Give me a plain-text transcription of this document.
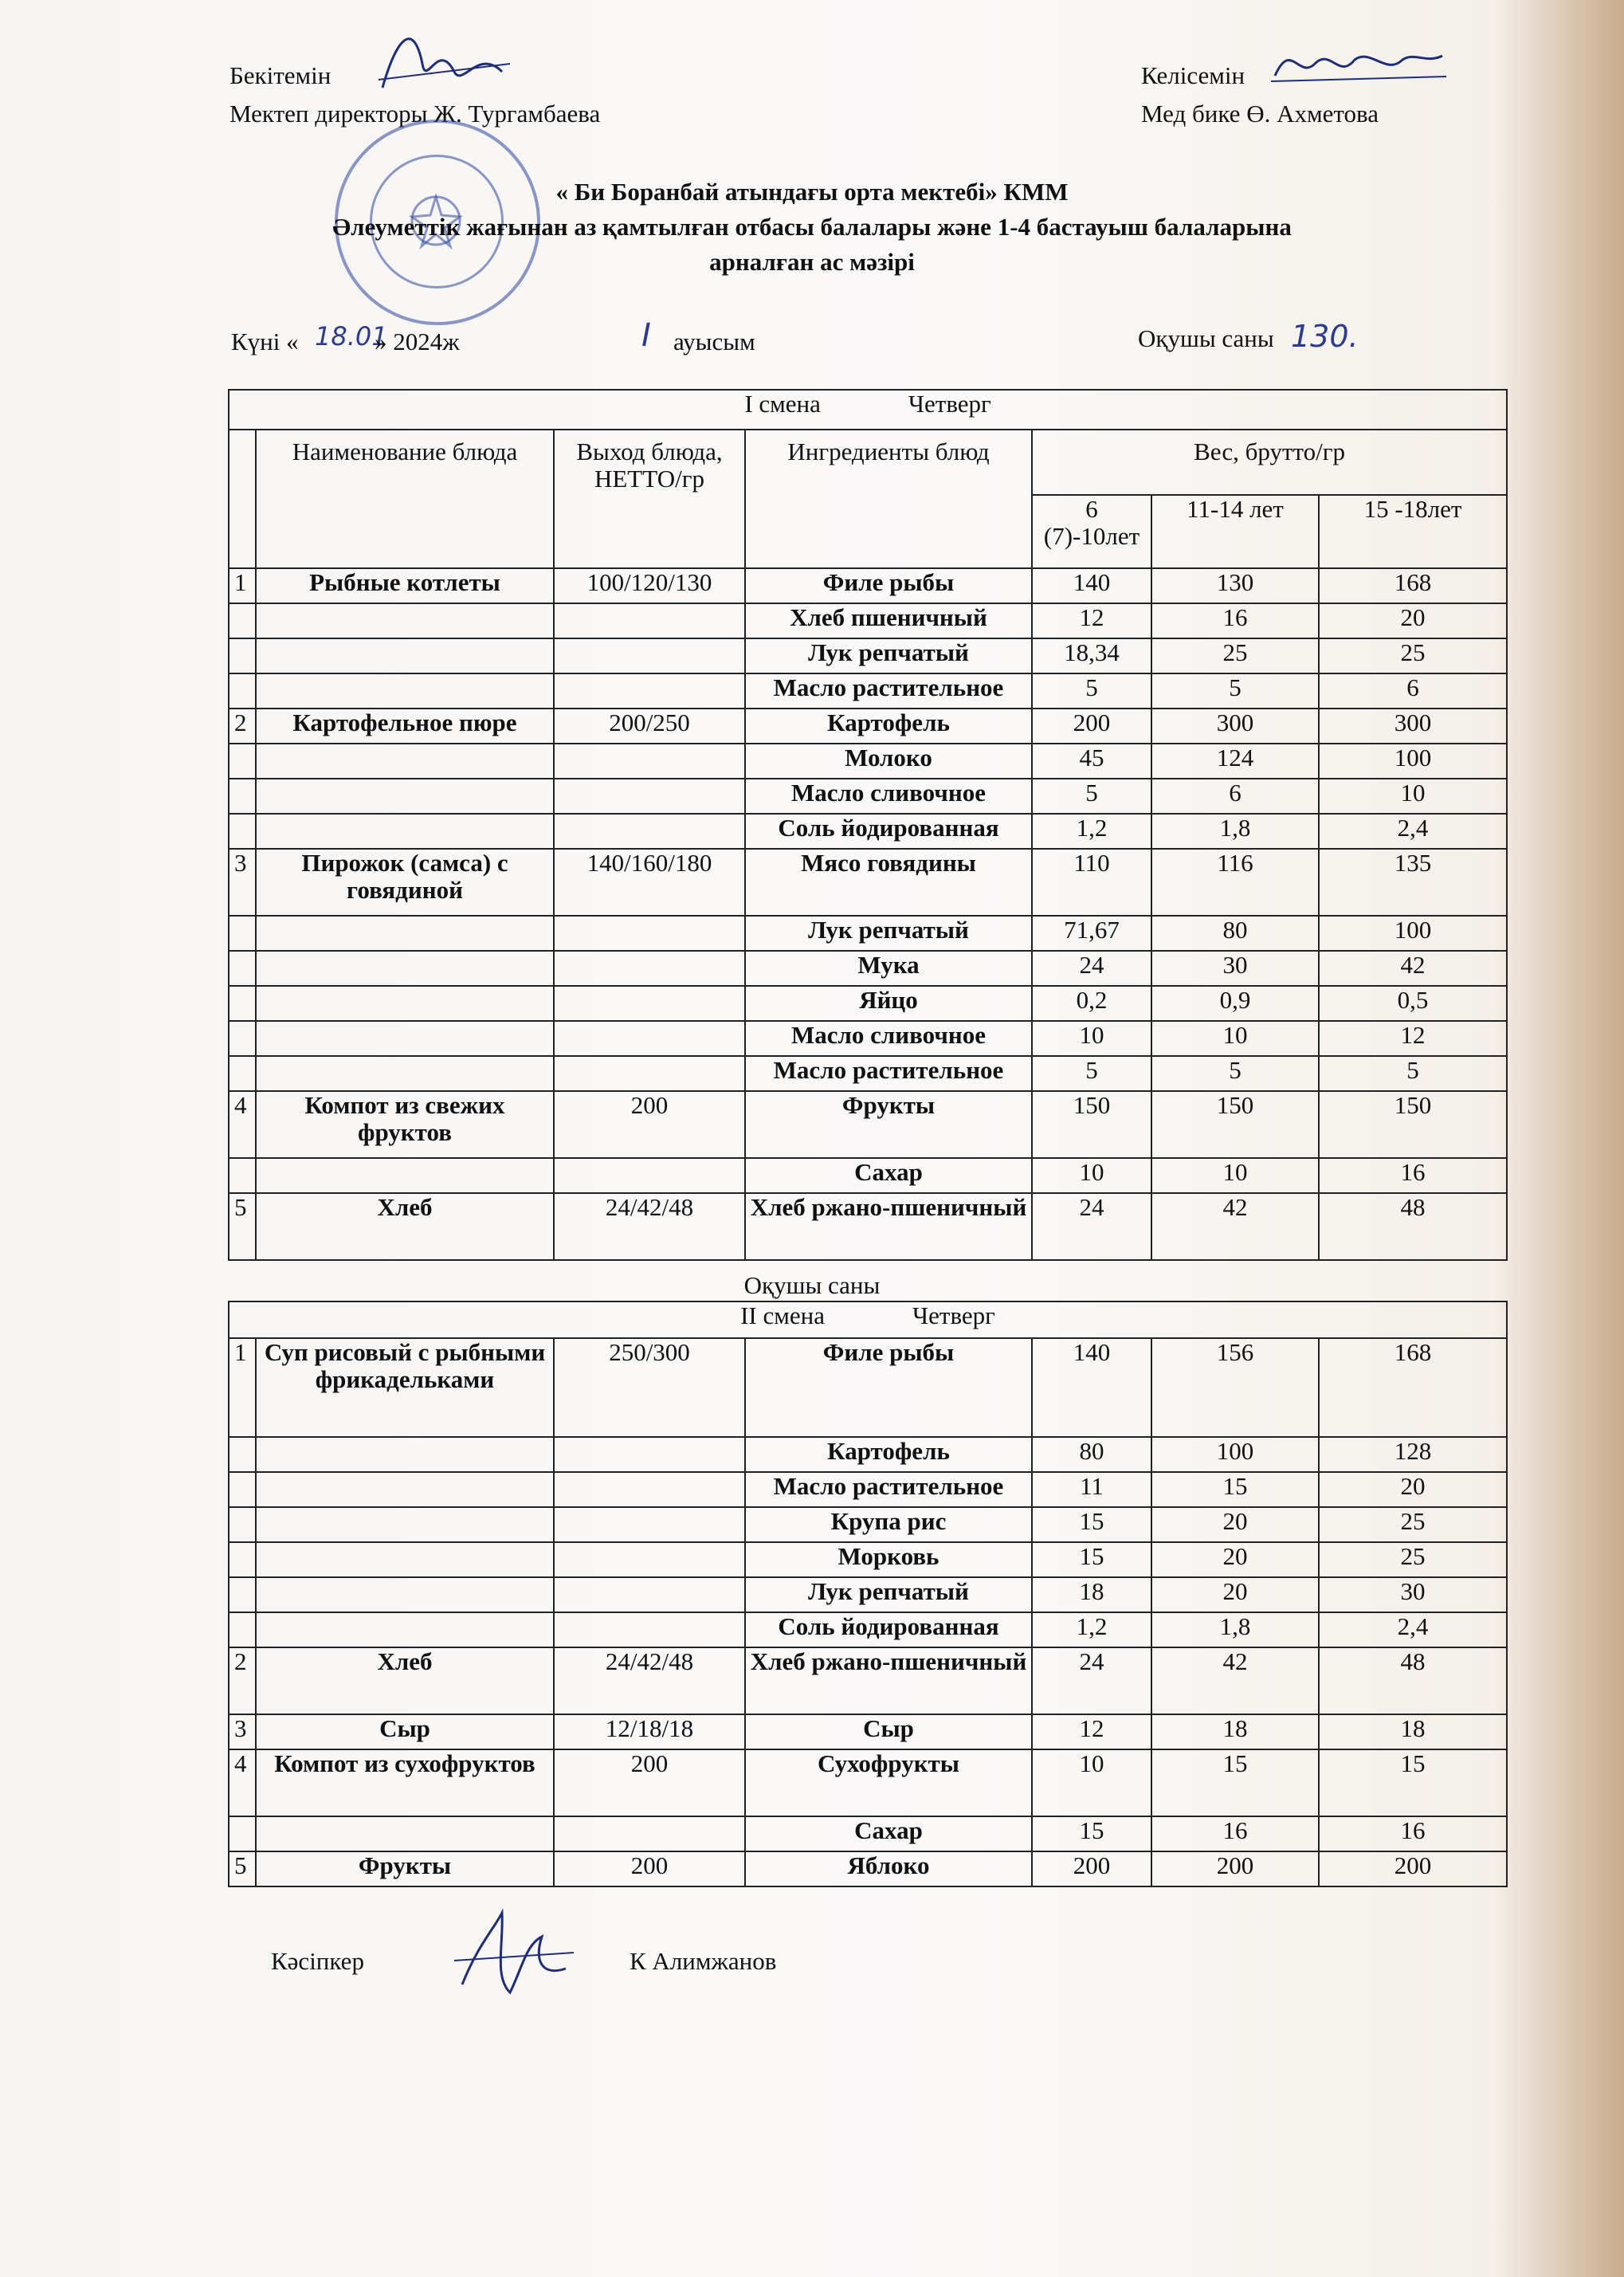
Бекітемін
Мектеп директоры Ж. Тургамбаева
Келісемін
Мед бике Ө. Ахметова
« Би Боранбай атындағы орта мектебі» КММ
Әлеуметтік жағынан аз қамтылған отбасы балалары және 1-4 бастауыш балаларына
арналған ас мәзірі
Күні « 18.01
» 2024ж	I ауысым	Оқушы саны 130.
I смена Четверг						
	Наименование блюда	Выход блюда, НЕТТО/гр	Ингредиенты блюд	Вес, брутто/гр		
				6 (7)-10лет	11-14 лет	15 -18лет
1	Рыбные котлеты	100/120/130	Филе рыбы	140	130	168
			Хлеб пшеничный	12	16	20
			Лук репчатый	18,34	25	25
			Масло растительное	5	5	6
2	Картофельное пюре	200/250	Картофель	200	300	300
			Молоко	45	124	100
			Масло сливочное	5	6	10
			Соль йодированная	1,2	1,8	2,4
3	Пирожок (самса) с говядиной	140/160/180	Мясо говядины	110	116	135
			Лук репчатый	71,67	80	100
			Мука	24	30	42
			Яйцо	0,2	0,9	0,5
			Масло сливочное	10	10	12
			Масло растительное	5	5	5
4	Компот из свежих фруктов	200	Фрукты	150	150	150
			Сахар	10	10	16
5	Хлеб	24/42/48	Хлеб ржано-пшеничный	24	42	48
Оқушы саны
II смена Четверг						
1	Суп рисовый с рыбными фрикадельками	250/300	Филе рыбы	140	156	168
			Картофель	80	100	128
			Масло растительное	11	15	20
			Крупа рис	15	20	25
			Морковь	15	20	25
			Лук репчатый	18	20	30
			Соль йодированная	1,2	1,8	2,4
2	Хлеб	24/42/48	Хлеб ржано-пшеничный	24	42	48
3	Сыр	12/18/18	Сыр	12	18	18
4	Компот из сухофруктов	200	Сухофрукты	10	15	15
			Сахар	15	16	16
5	Фрукты	200	Яблоко	200	200	200
Кәсіпкер	К Алимжанов
